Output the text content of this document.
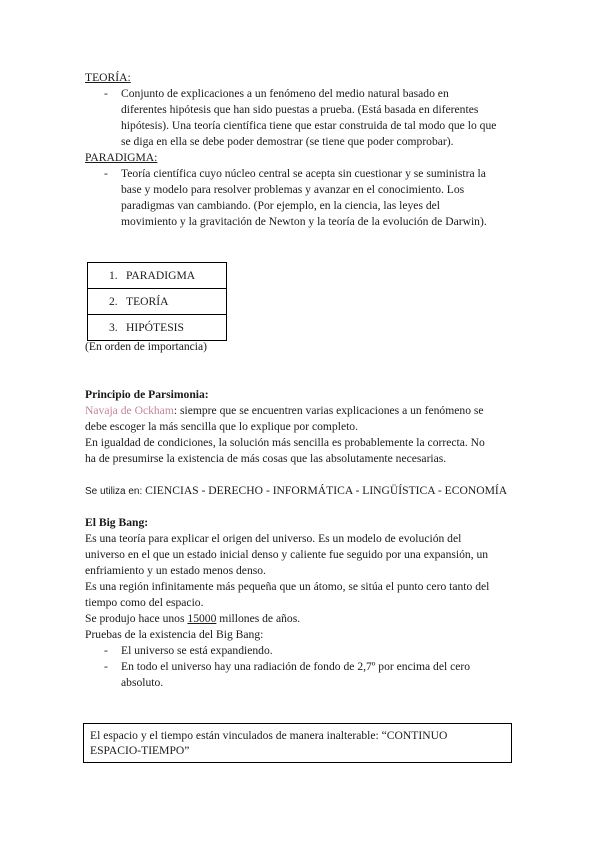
TEORÍA:
- Conjunto de explicaciones a un fenómeno del medio natural basado en
diferentes hipótesis que han sido puestas a prueba. (Está basada en diferentes
hipótesis). Una teoría científica tiene que estar construida de tal modo que lo que
se diga en ella se debe poder demostrar (se tiene que poder comprobar).
PARADIGMA:
- Teoría científica cuyo núcleo central se acepta sin cuestionar y se suministra la
base y modelo para resolver problemas y avanzar en el conocimiento. Los
paradigmas van cambiando. (Por ejemplo, en la ciencia, las leyes del
movimiento y la gravitación de Newton y la teoría de la evolución de Darwin).
1. PARADIGMA
2. TEORÍA
3. HIPÓTESIS
(En orden de importancia)
Principio de Parsimonia:
Navaja de Ockham: siempre que se encuentren varias explicaciones a un fenómeno se
debe escoger la más sencilla que lo explique por completo.
En igualdad de condiciones, la solución más sencilla es probablemente la correcta. No
ha de presumirse la existencia de más cosas que las absolutamente necesarias.
Se utiliza en: CIENCIAS - DERECHO - INFORMÁTICA - LINGÜÍSTICA - ECONOMÍA
El Big Bang:
Es una teoría para explicar el origen del universo. Es un modelo de evolución del
universo en el que un estado inicial denso y caliente fue seguido por una expansión, un
enfriamiento y un estado menos denso.
Es una región infinitamente más pequeña que un átomo, se sitúa el punto cero tanto del
tiempo como del espacio.
Se produjo hace unos 15000 millones de años.
Pruebas de la existencia del Big Bang:
- El universo se está expandiendo.
- En todo el universo hay una radiación de fondo de 2,7º por encima del cero
absoluto.
El espacio y el tiempo están vinculados de manera inalterable: “CONTINUO
ESPACIO-TIEMPO”
